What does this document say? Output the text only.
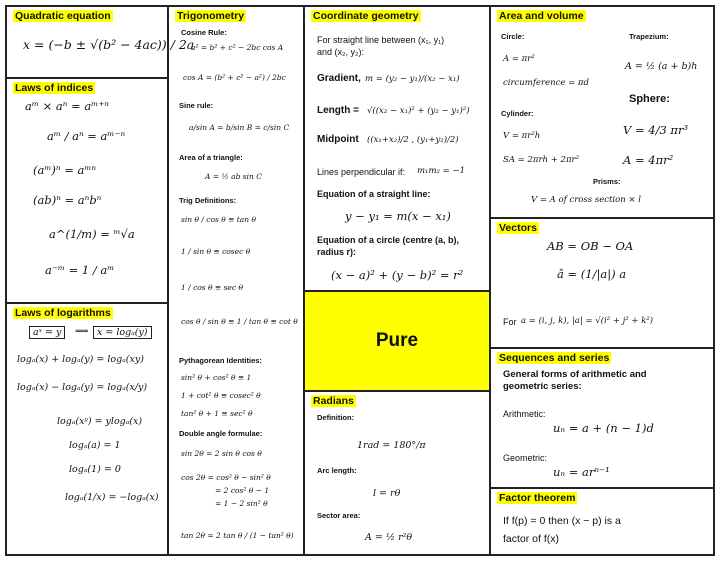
Quadratic equation
x = (−b ± √(b² − 4ac)) / 2a
Laws of indices
aᵐ × aⁿ = aᵐ⁺ⁿ
aᵐ / aⁿ = aᵐ⁻ⁿ
(aᵐ)ⁿ = aᵐⁿ
(ab)ⁿ = aⁿbⁿ
a^(1/m) = ᵐ√a
a⁻ᵐ = 1 / aᵐ
Laws of logarithms
aˣ = y	⟹ x = logₐ(y)
logₐ(x) + logₐ(y) = logₐ(xy)
logₐ(x) − logₐ(y) = logₐ(x/y)
logₐ(xʸ) = ylogₐ(x)
logₐ(a) = 1
logₐ(1) = 0
logₐ(1/x) = −logₐ(x)
Trigonometry
Cosine Rule:
a² = b² + c² − 2bc cos A
cos A = (b² + c² − a²) / 2bc
Sine rule:
a/sin A = b/sin B = c/sin C
Area of a triangle:
A = ½ ab sin C
Trig Definitions:
sin θ / cos θ ≡ tan θ
1 / sin θ ≡ cosec θ
1 / cos θ ≡ sec θ
cos θ / sin θ ≡ 1 / tan θ ≡ cot θ
Pythagorean Identities:
sin² θ + cos² θ ≡ 1
1 + cot² θ ≡ cosec² θ
tan² θ + 1 ≡ sec² θ
Double angle formulae:
sin 2θ = 2 sin θ cos θ
cos 2θ = cos² θ − sin² θ
= 2 cos² θ − 1
= 1 − 2 sin² θ
tan 2θ = 2 tan θ / (1 − tan² θ)
Coordinate geometry
For straight line between (x₁, y₁)
and (x₂, y₂):
Gradient, m = (y₂ − y₁)/(x₂ − x₁)
Length = √((x₂ − x₁)² + (y₂ − y₁)²)
Midpoint ((x₁+x₂)/2 , (y₁+y₂)/2)
Lines perpendicular if: m₁m₂ = −1
Equation of a straight line:
y − y₁ = m(x − x₁)
Equation of a circle (centre (a, b),
radius r):
(x − a)² + (y − b)² = r²
Pure
Radians
Definition:
1rad = 180°/π
Arc length:
l = rθ
Sector area:
A = ½ r²θ
Area and volume
Circle:
A = πr²
circumference = πd
Trapezium:
A = ½ (a + b)h
Cylinder:
V = πr²h
SA = 2πrh + 2πr²
Sphere:
V = 4/3 πr³
A = 4πr²
Prisms:
V = A of cross section × l
Vectors
AB = OB − OA
â = (1/|a|) a
For a = (i, j, k), |a| = √(i² + j² + k²)
Sequences and series
General forms of arithmetic and
geometric series:
Arithmetic:
uₙ = a + (n − 1)d
Geometric:
uₙ = arⁿ⁻¹
Factor theorem
If f(p) = 0 then (x − p) is a
factor of f(x)
